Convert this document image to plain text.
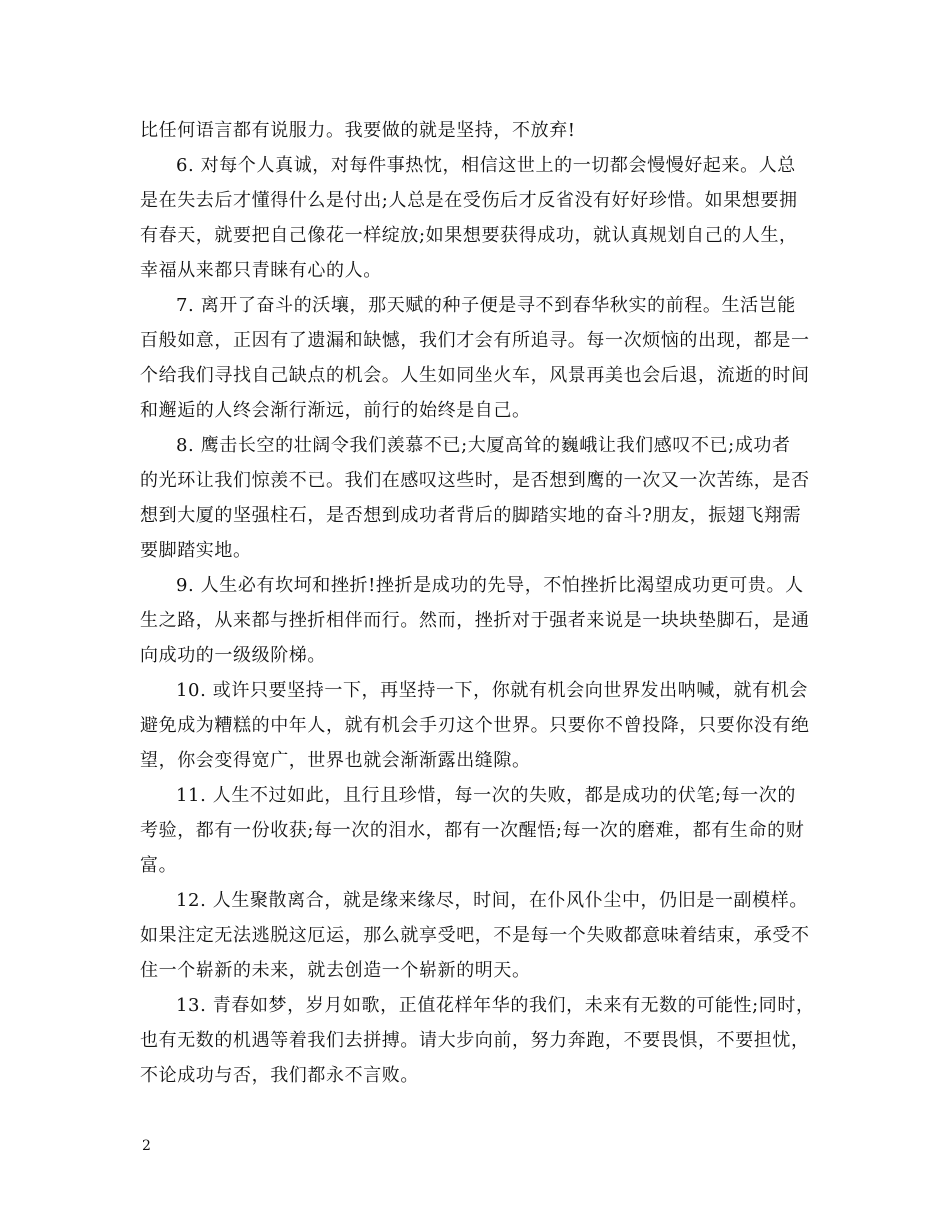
比任何语言都有说服力。我要做的就是坚持，不放弃!
6. 对每个人真诚，对每件事热忱，相信这世上的一切都会慢慢好起来。人总
是在失去后才懂得什么是付出;人总是在受伤后才反省没有好好珍惜。如果想要拥
有春天，就要把自己像花一样绽放;如果想要获得成功，就认真规划自己的人生，
幸福从来都只青睐有心的人。
7. 离开了奋斗的沃壤，那天赋的种子便是寻不到春华秋实的前程。生活岂能
百般如意，正因有了遗漏和缺憾，我们才会有所追寻。每一次烦恼的出现，都是一
个给我们寻找自己缺点的机会。人生如同坐火车，风景再美也会后退，流逝的时间
和邂逅的人终会渐行渐远，前行的始终是自己。
8. 鹰击长空的壮阔令我们羡慕不已;大厦高耸的巍峨让我们感叹不已;成功者
的光环让我们惊羡不已。我们在感叹这些时，是否想到鹰的一次又一次苦练，是否
想到大厦的坚强柱石，是否想到成功者背后的脚踏实地的奋斗?朋友，振翅飞翔需
要脚踏实地。
9. 人生必有坎坷和挫折!挫折是成功的先导，不怕挫折比渴望成功更可贵。人
生之路，从来都与挫折相伴而行。然而，挫折对于强者来说是一块块垫脚石，是通
向成功的一级级阶梯。
10. 或许只要坚持一下，再坚持一下，你就有机会向世界发出呐喊，就有机会
避免成为糟糕的中年人，就有机会手刃这个世界。只要你不曾投降，只要你没有绝
望，你会变得宽广，世界也就会渐渐露出缝隙。
11. 人生不过如此，且行且珍惜，每一次的失败，都是成功的伏笔;每一次的
考验，都有一份收获;每一次的泪水，都有一次醒悟;每一次的磨难，都有生命的财
富。
12. 人生聚散离合，就是缘来缘尽，时间，在仆风仆尘中，仍旧是一副模样。
如果注定无法逃脱这厄运，那么就享受吧，不是每一个失败都意味着结束，承受不
住一个崭新的未来，就去创造一个崭新的明天。
13. 青春如梦，岁月如歌，正值花样年华的我们，未来有无数的可能性;同时，
也有无数的机遇等着我们去拼搏。请大步向前，努力奔跑，不要畏惧，不要担忧，
不论成功与否，我们都永不言败。
2
